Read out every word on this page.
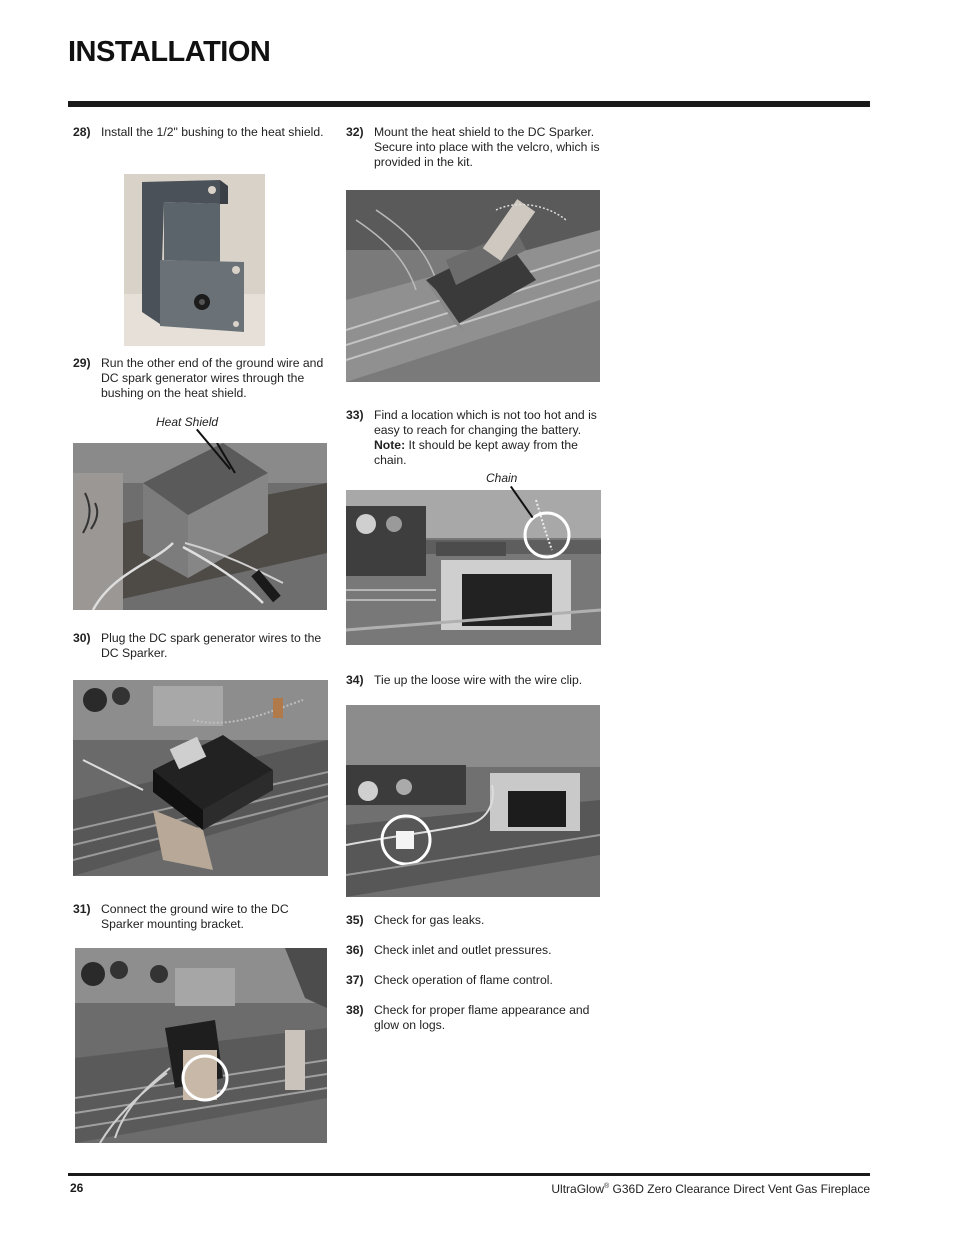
INSTALLATION
28) Install the 1/2" bushing to the heat shield.
29) Run the other end of the ground wire and DC spark generator wires through the bushing on the heat shield.
Heat Shield
30) Plug the DC spark generator wires to the DC Sparker.
31) Connect the ground wire to the DC Sparker mounting bracket.
32) Mount the heat shield to the DC Sparker. Secure into place with the velcro, which is provided in the kit.
33) Find a location which is not too hot and is easy to reach for changing the battery.
Note: It should be kept away from the chain.
Chain
34) Tie up the loose wire with the wire clip.
35) Check for gas leaks.
36) Check inlet and outlet pressures.
37) Check operation of flame control.
38) Check for proper flame appearance and glow on logs.
26	UltraGlow® G36D Zero Clearance Direct Vent Gas Fireplace
